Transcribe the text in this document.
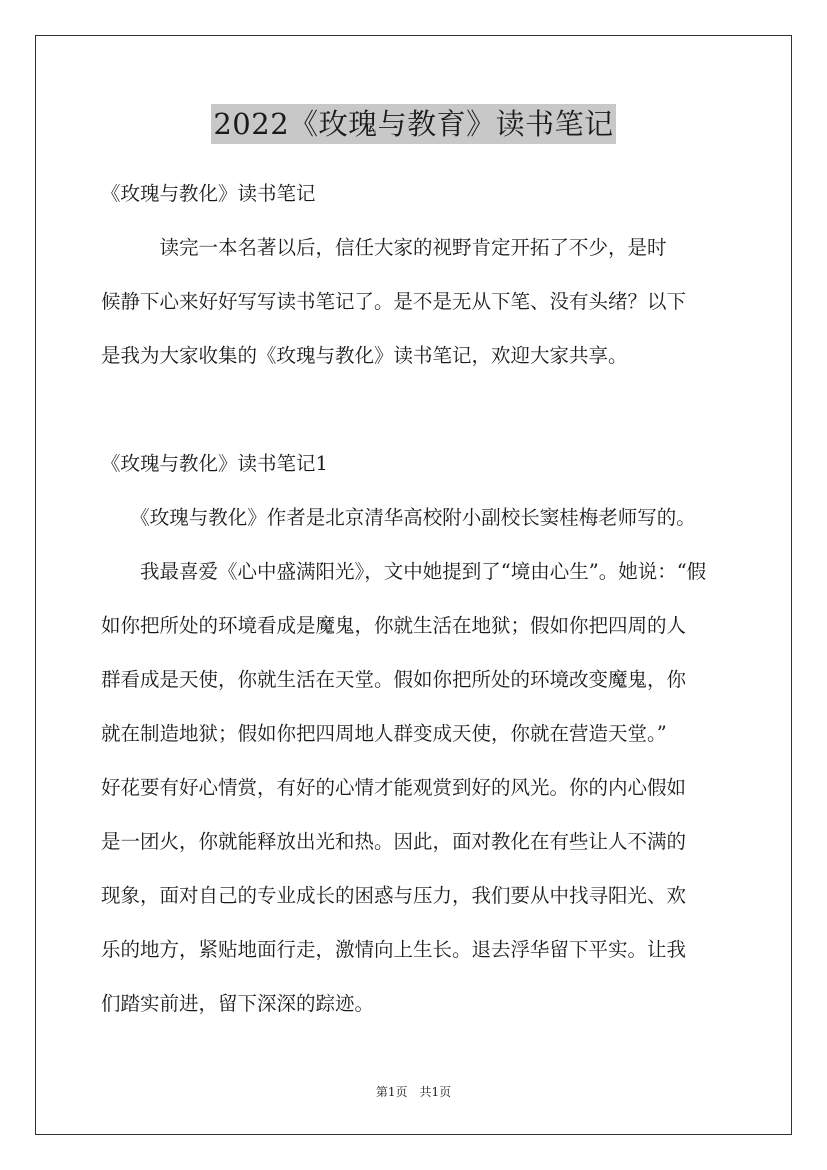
2022《玫瑰与教育》读书笔记

《玫瑰与教化》读书笔记

　　　读完一本名著以后，信任大家的视野肯定开拓了不少，是时

候静下心来好好写写读书笔记了。是不是无从下笔、没有头绪？以下

是我为大家收集的《玫瑰与教化》读书笔记，欢迎大家共享。

《玫瑰与教化》读书笔记1

　　《玫瑰与教化》作者是北京清华高校附小副校长窦桂梅老师写的。

　　我最喜爱《心中盛满阳光》，文中她提到了“境由心生”。她说：“假

如你把所处的环境看成是魔鬼，你就生活在地狱；假如你把四周的人

群看成是天使，你就生活在天堂。假如你把所处的环境改变魔鬼，你

就在制造地狱；假如你把四周地人群变成天使，你就在营造天堂。”

好花要有好心情赏，有好的心情才能观赏到好的风光。你的内心假如

是一团火，你就能释放出光和热。因此，面对教化在有些让人不满的

现象，面对自己的专业成长的困惑与压力，我们要从中找寻阳光、欢

乐的地方，紧贴地面行走，激情向上生长。退去浮华留下平实。让我

们踏实前进，留下深深的踪迹。

第1页　共1页
